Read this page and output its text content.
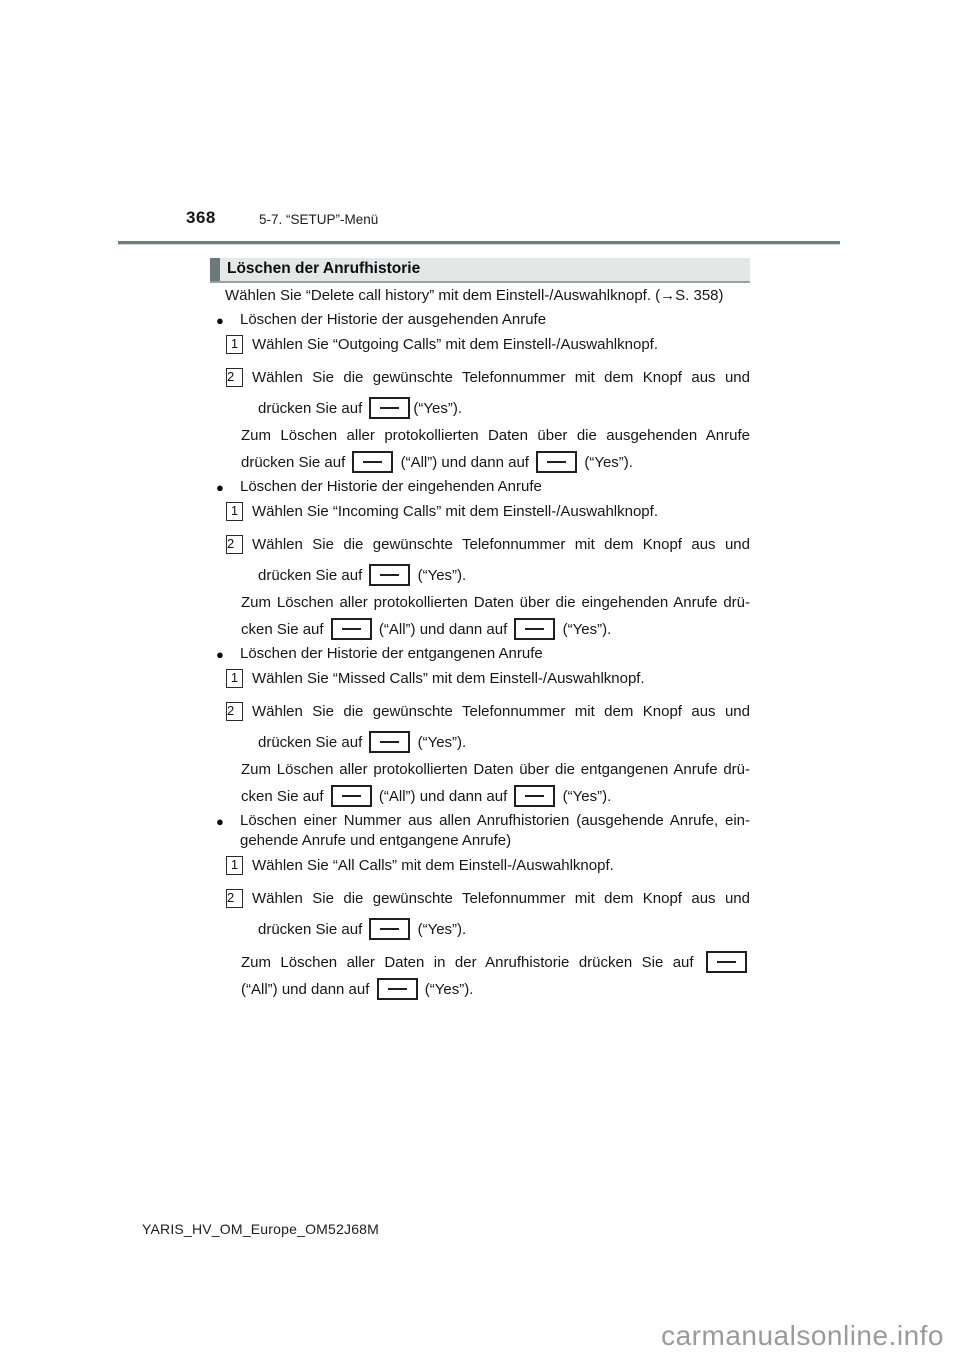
368	5-7. “SETUP”-Menü
Löschen der Anrufhistorie
Wählen Sie “Delete call history” mit dem Einstell-/Auswahlknopf. (→S. 358)
● Löschen der Historie der ausgehenden Anrufe
1 Wählen Sie “Outgoing Calls” mit dem Einstell-/Auswahlknopf.
2	Wählen Sie die gewünschte Telefonnummer mit dem Knopf aus und
drücken Sie auf	(“Yes”).
Zum Löschen aller protokollierten Daten über die ausgehenden Anrufe
drücken Sie auf	(“All”) und dann auf	(“Yes”).
● Löschen der Historie der eingehenden Anrufe
1 Wählen Sie “Incoming Calls” mit dem Einstell-/Auswahlknopf.
2	Wählen Sie die gewünschte Telefonnummer mit dem Knopf aus und
drücken Sie auf	(“Yes”).
Zum Löschen aller protokollierten Daten über die eingehenden Anrufe drü-
cken Sie auf	(“All”) und dann auf	(“Yes”).
● Löschen der Historie der entgangenen Anrufe
1 Wählen Sie “Missed Calls” mit dem Einstell-/Auswahlknopf.
2	Wählen Sie die gewünschte Telefonnummer mit dem Knopf aus und
drücken Sie auf	(“Yes”).
Zum Löschen aller protokollierten Daten über die entgangenen Anrufe drü-
cken Sie auf	(“All”) und dann auf	(“Yes”).
● Löschen einer Nummer aus allen Anrufhistorien (ausgehende Anrufe, ein-
gehende Anrufe und entgangene Anrufe)
1 Wählen Sie “All Calls” mit dem Einstell-/Auswahlknopf.
2	Wählen Sie die gewünschte Telefonnummer mit dem Knopf aus und
drücken Sie auf	(“Yes”).
Zum Löschen aller Daten in der Anrufhistorie drücken Sie auf
(“All”) und dann auf	(“Yes”).
YARIS_HV_OM_Europe_OM52J68M
carmanualsonline.info
